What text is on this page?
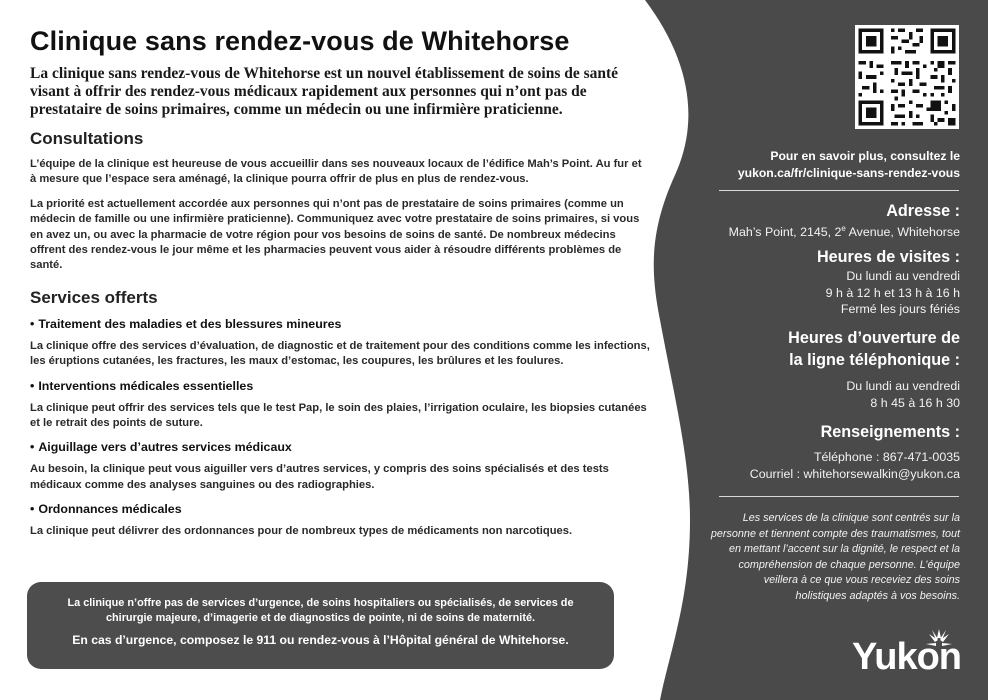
Clinique sans rendez-vous de Whitehorse

La clinique sans rendez-vous de Whitehorse est un nouvel établissement de soins de santé visant à offrir des rendez-vous médicaux rapidement aux personnes qui n’ont pas de prestataire de soins primaires, comme un médecin ou une infirmière praticienne.

Consultations

L’équipe de la clinique est heureuse de vous accueillir dans ses nouveaux locaux de l’édifice Mah’s Point. Au fur et à mesure que l’espace sera aménagé, la clinique pourra offrir de plus en plus de rendez-vous.

La priorité est actuellement accordée aux personnes qui n’ont pas de prestataire de soins primaires (comme un médecin de famille ou une infirmière praticienne). Communiquez avec votre prestataire de soins primaires, si vous en avez un, ou avec la pharmacie de votre région pour vos besoins de soins de santé. De nombreux médecins offrent des rendez-vous le jour même et les pharmacies peuvent vous aider à résoudre différents problèmes de santé.

Services offerts
• Traitement des maladies et des blessures mineures

La clinique offre des services d’évaluation, de diagnostic et de traitement pour des conditions comme les infections, les éruptions cutanées, les fractures, les maux d’estomac, les coupures, les brûlures et les foulures.

• Interventions médicales essentielles

La clinique peut offrir des services tels que le test Pap, le soin des plaies, l’irrigation oculaire, les biopsies cutanées et le retrait des points de suture.

• Aiguillage vers d’autres services médicaux

Au besoin, la clinique peut vous aiguiller vers d’autres services, y compris des soins spécialisés et des tests médicaux comme des analyses sanguines ou des radiographies.

• Ordonnances médicales

La clinique peut délivrer des ordonnances pour de nombreux types de médicaments non narcotiques.

La clinique n’offre pas de services d’urgence, de soins hospitaliers ou spécialisés, de services de chirurgie majeure, d’imagerie et de diagnostics de pointe, ni de soins de maternité.
En cas d’urgence, composez le 911 ou rendez-vous à l’Hôpital général de Whitehorse.
Pour en savoir plus, consultez le
yukon.ca/fr/clinique-sans-rendez-vous
Adresse :
Mah’s Point, 2145, 2e Avenue, Whitehorse
Heures de visites :
Du lundi au vendredi
9 h à 12 h et 13 h à 16 h
Fermé les jours fériés
Heures d’ouverture de
la ligne téléphonique :
Du lundi au vendredi
8 h 45 à 16 h 30
Renseignements :
Téléphone : 867-471-0035
Courriel : whitehorsewalkin@yukon.ca
Les services de la clinique sont centrés sur la personne et tiennent compte des traumatismes, tout en mettant l’accent sur la dignité, le respect et la compréhension de chaque personne. L’équipe veillera à ce que vous receviez des soins holistiques adaptés à vos besoins.
Yukon
